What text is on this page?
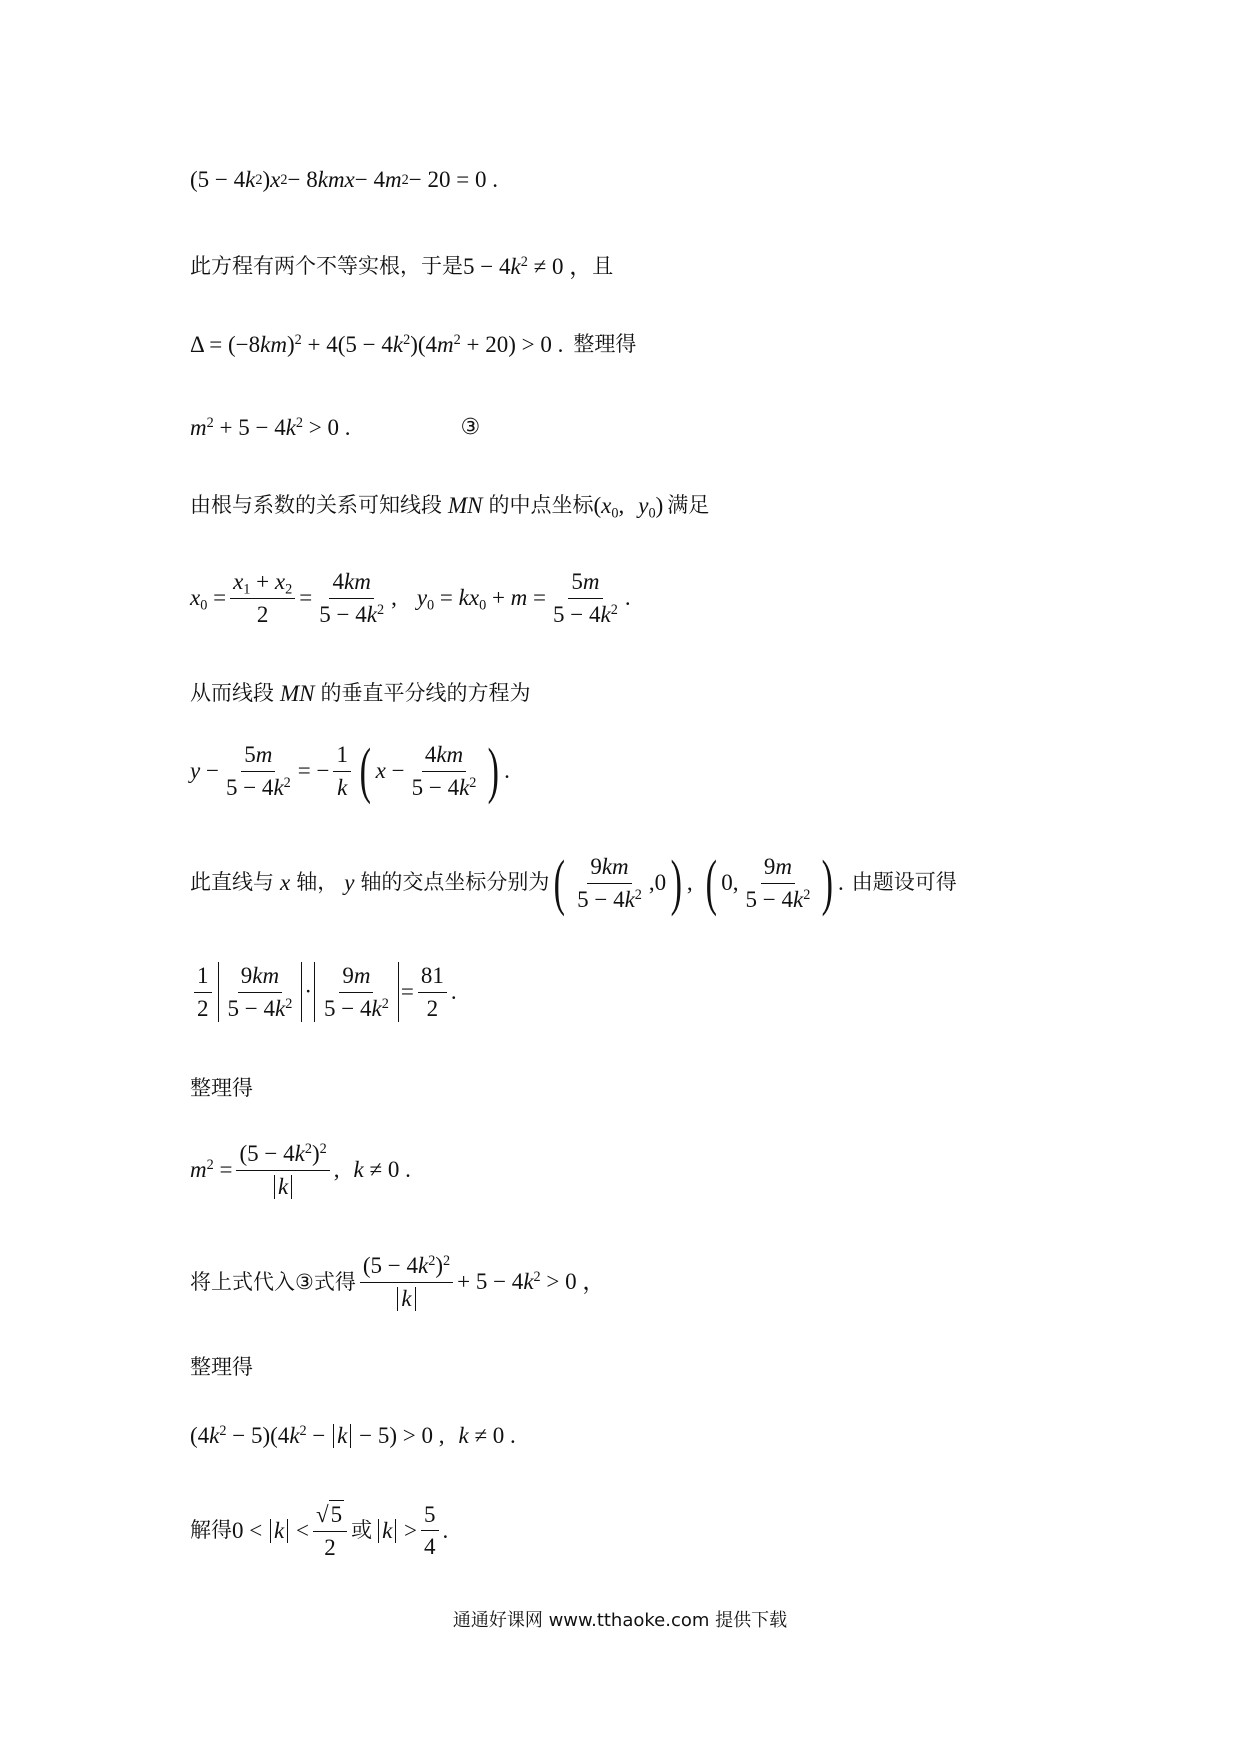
(5 − 4 k 2 ) x 2 − 8 kmx − 4 m 2 − 20 = 0 .
此方程有两个不等实根，于是 $5 - 4k^2 \ne 0$ ， 且
$\Delta = (-8km)^2 + 4(5 - 4k^2)(4m^2 + 20) > 0$ . 整理得
$m^2 + 5 - 4k^2 > 0$ .	③
由根与系数的关系可知线段 MN 的中点坐标 ($x_0$, $y_0$) 满足
$x_0 = \frac{x_1 + x_2}{2} = \frac{4km}{5 - 4k^2}$ , $y_0 = kx_0 + m = \frac{5m}{5 - 4k^2}$ .
从而线段 MN 的垂直平分线的方程为
$y - \frac{5m}{5 - 4k^2}$ = − $\frac{1}{k}$ ( $x - \frac{4km}{5 - 4k^2}$ ) .
此直线与 x 轴， y 轴的交点坐标分别为 ( $\frac{9km}{5 - 4k^2} ,0$ ) , ( 0, $\frac{9m}{5 - 4k^2}$ ) . 由题设可得
$\frac{1}{2} \frac{9km}{5 - 4k^2} \cdot \frac{9m}{5 - 4k^2} = \frac{81}{2}$ .
整理得
$m^2 = \frac{(5 - 4k^2)^2}{k}$ , k ≠ 0 .
将上式代入③式得 $\frac{(5 - 4k^2)^2}{k} + 5 - 4k^2 > 0$ ，
整理得
$(4k^2 - 5)(4k^2 - k - 5) > 0$ , k ≠ 0 .
解得 $0 < k < \frac{√ 5}{2}$ 或 $k > \frac{5}{4}$ .
通通好课网 www.tthaoke.com 提供下载
